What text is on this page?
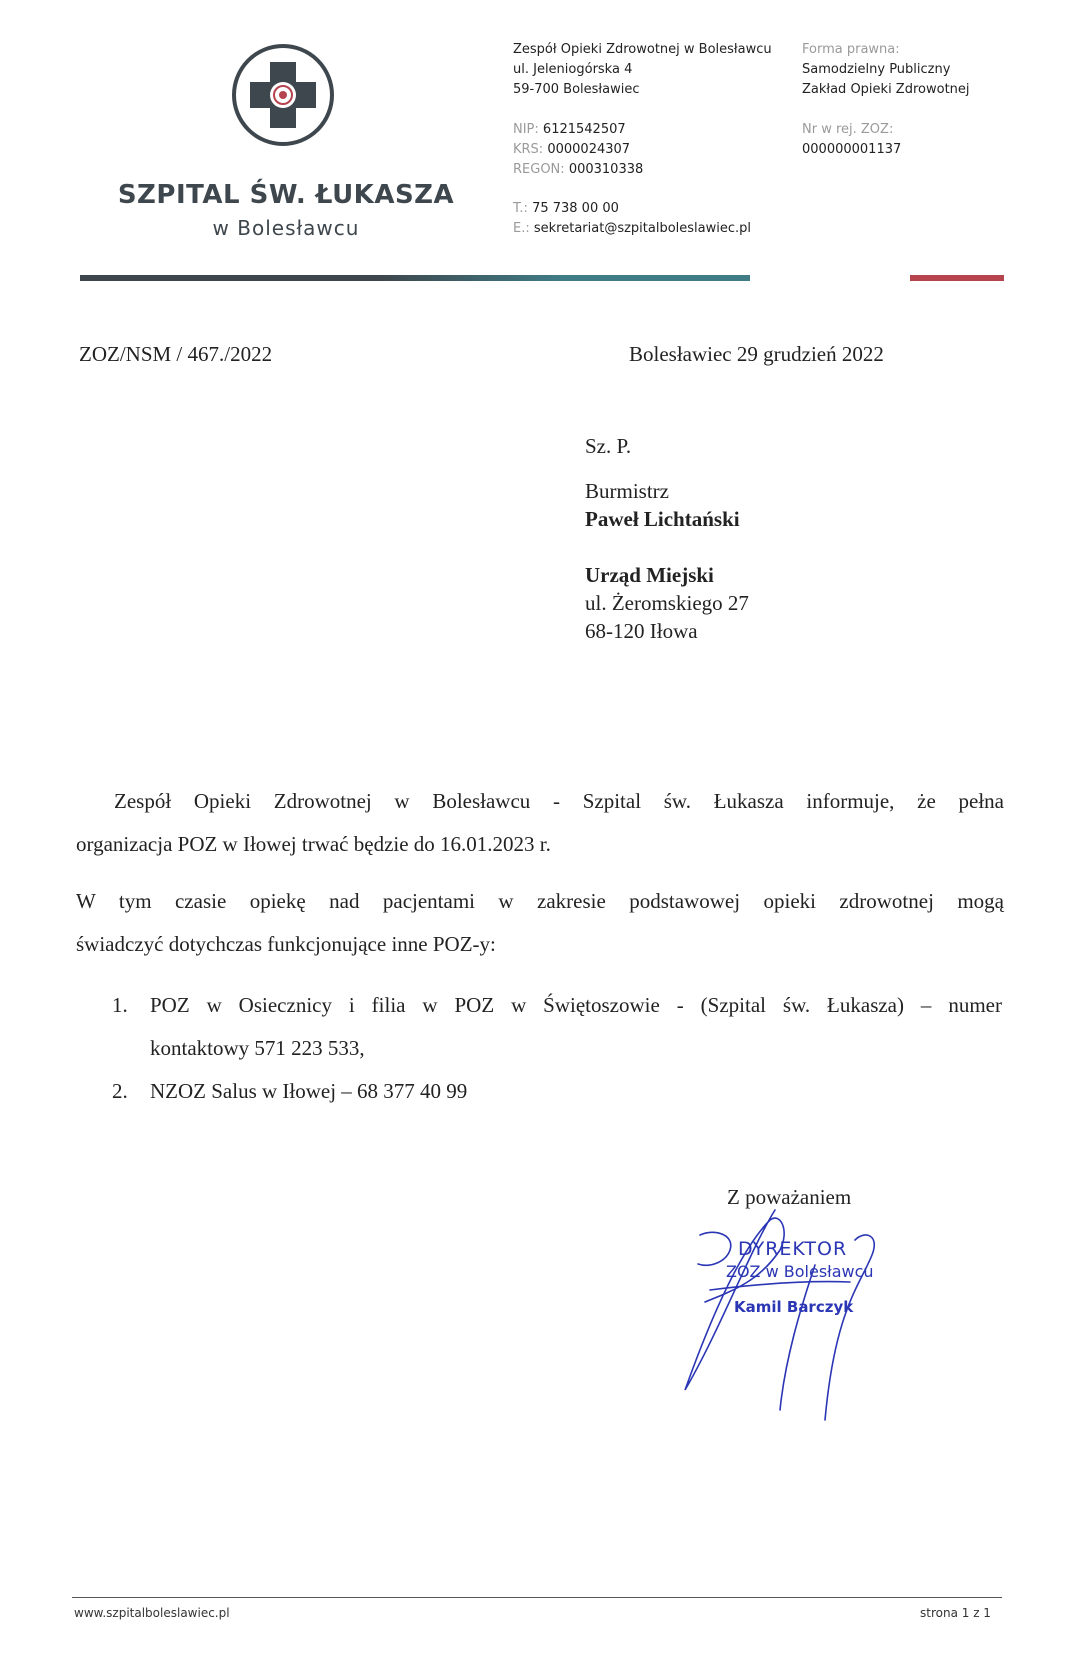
SZPITAL ŚW. ŁUKASZA
w Bolesławcu
Zespół Opieki Zdrowotnej w Bolesławcu
ul. Jeleniogórska 4
59-700 Bolesławiec
NIP: 6121542507
KRS: 0000024307
REGON: 000310338
T.: 75 738 00 00
E.: sekretariat@szpitalboleslawiec.pl
Forma prawna:
Samodzielny Publiczny
Zakład Opieki Zdrowotnej
Nr w rej. ZOZ:
000000001137
ZOZ/NSM / 467./2022	Bolesławiec 29 grudzień 2022
Sz. P.
Burmistrz
Paweł Lichtański
Urząd Miejski
ul. Żeromskiego 27
68-120 Iłowa
Zespół Opieki Zdrowotnej w Bolesławcu - Szpital św. Łukasza informuje, że pełna
organizacja POZ w Iłowej trwać będzie do 16.01.2023 r.
W tym czasie opiekę nad pacjentami w zakresie podstawowej opieki zdrowotnej mogą
świadczyć dotychczas funkcjonujące inne POZ-y:
1. POZ w Osiecznicy i filia w POZ w Świętoszowie - (Szpital św. Łukasza) – numer
kontaktowy 571 223 533,
2. NZOZ Salus w Iłowej – 68 377 40 99
Z poważaniem
DYREKTOR
ZOZ w Bolesławcu
Kamil Barczyk
www.szpitalboleslawiec.pl	strona 1 z 1
